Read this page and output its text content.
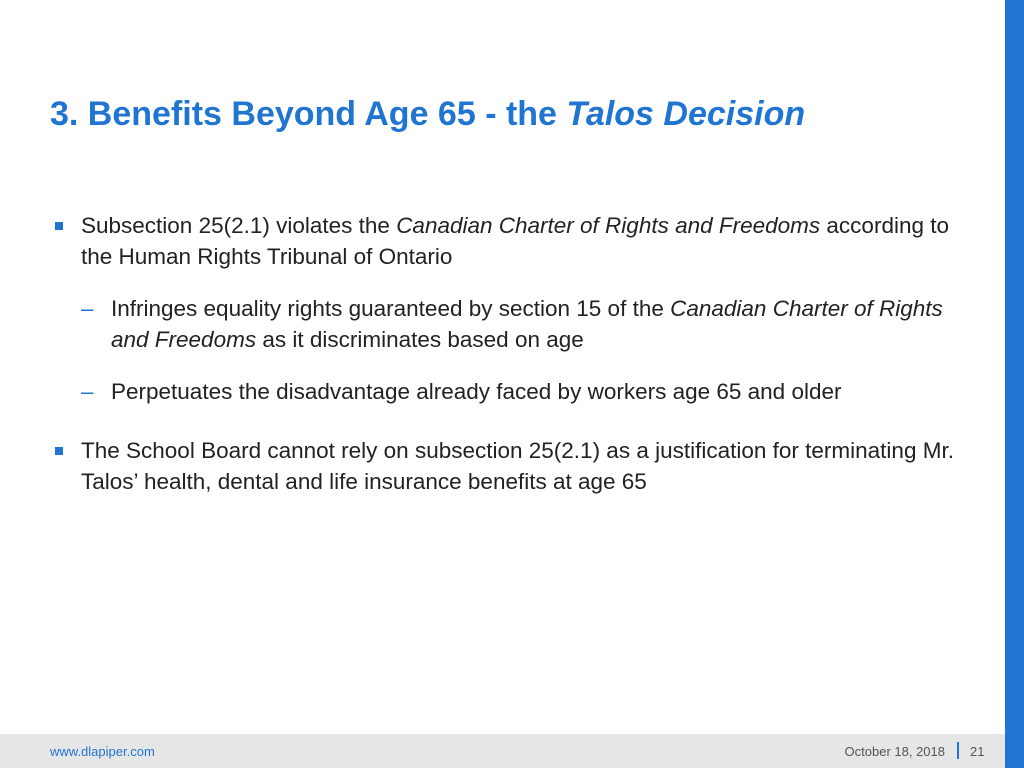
3. Benefits Beyond Age 65 - the Talos Decision
Subsection 25(2.1) violates the Canadian Charter of Rights and Freedoms according to the Human Rights Tribunal of Ontario
– Infringes equality rights guaranteed by section 15 of the Canadian Charter of Rights and Freedoms as it discriminates based on age
– Perpetuates the disadvantage already faced by workers age 65 and older
The School Board cannot rely on subsection 25(2.1) as a justification for terminating Mr. Talos’ health, dental and life insurance benefits at age 65
www.dlapiper.com	October 18, 2018 21
